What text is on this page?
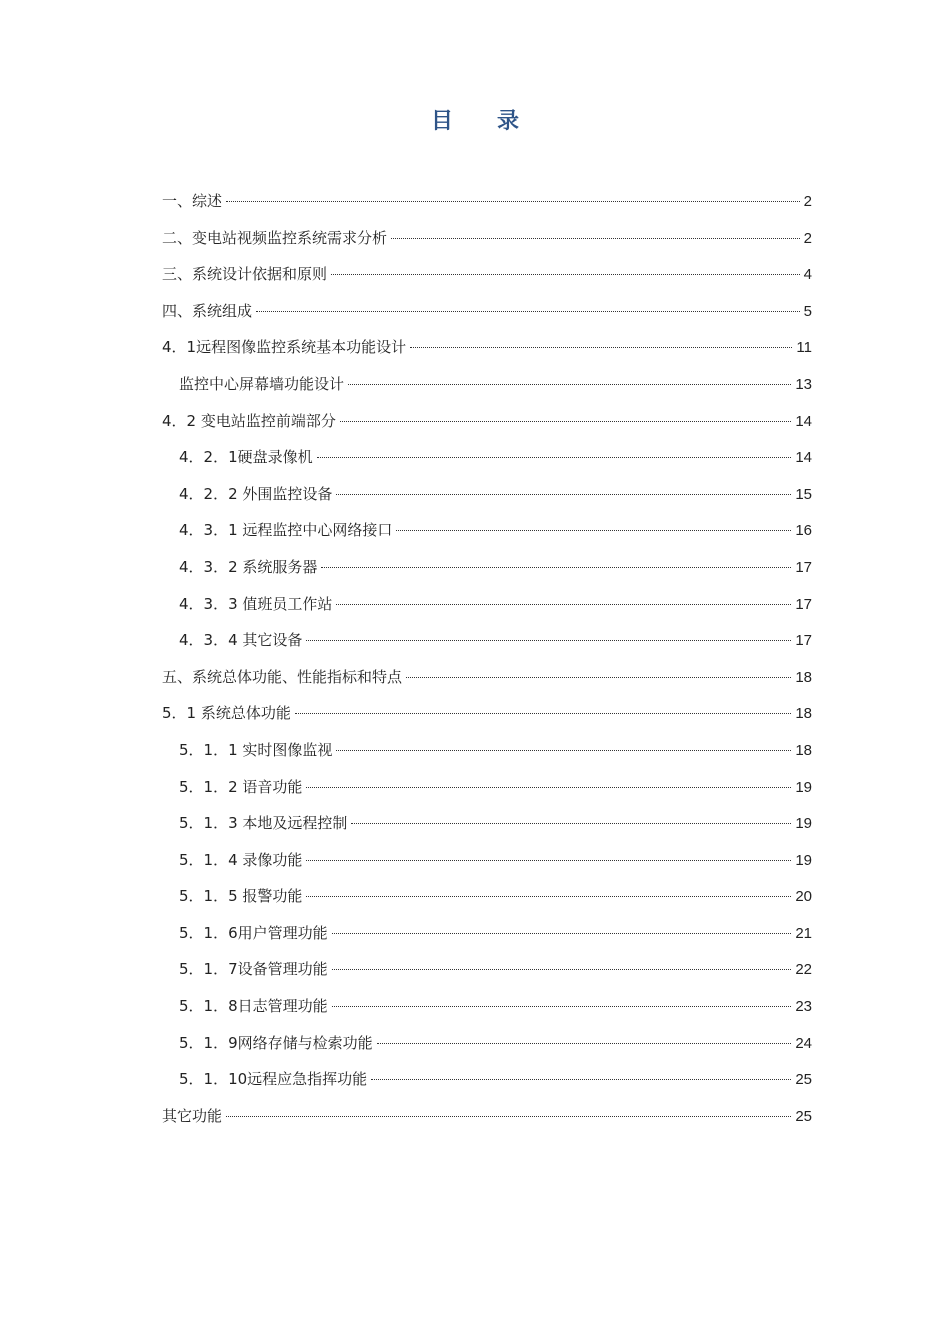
目　　录
一、综述	2
二、变电站视频监控系统需求分析	2
三、系统设计依据和原则	4
四、系统组成	5
4．1远程图像监控系统基本功能设计	11
监控中心屏幕墙功能设计	13
4．2 变电站监控前端部分	14
4．2．1硬盘录像机	14
4．2．2 外围监控设备	15
4．3．1 远程监控中心网络接口	16
4．3．2 系统服务器	17
4．3．3 值班员工作站	17
4．3．4 其它设备	17
五、系统总体功能、性能指标和特点	18
5．1 系统总体功能	18
5．1．1 实时图像监视	18
5．1．2 语音功能	19
5．1．3 本地及远程控制	19
5．1．4 录像功能	19
5．1．5 报警功能	20
5．1．6用户管理功能	21
5．1．7设备管理功能	22
5．1．8日志管理功能	23
5．1．9网络存储与检索功能	24
5．1．10远程应急指挥功能	25
其它功能	25
